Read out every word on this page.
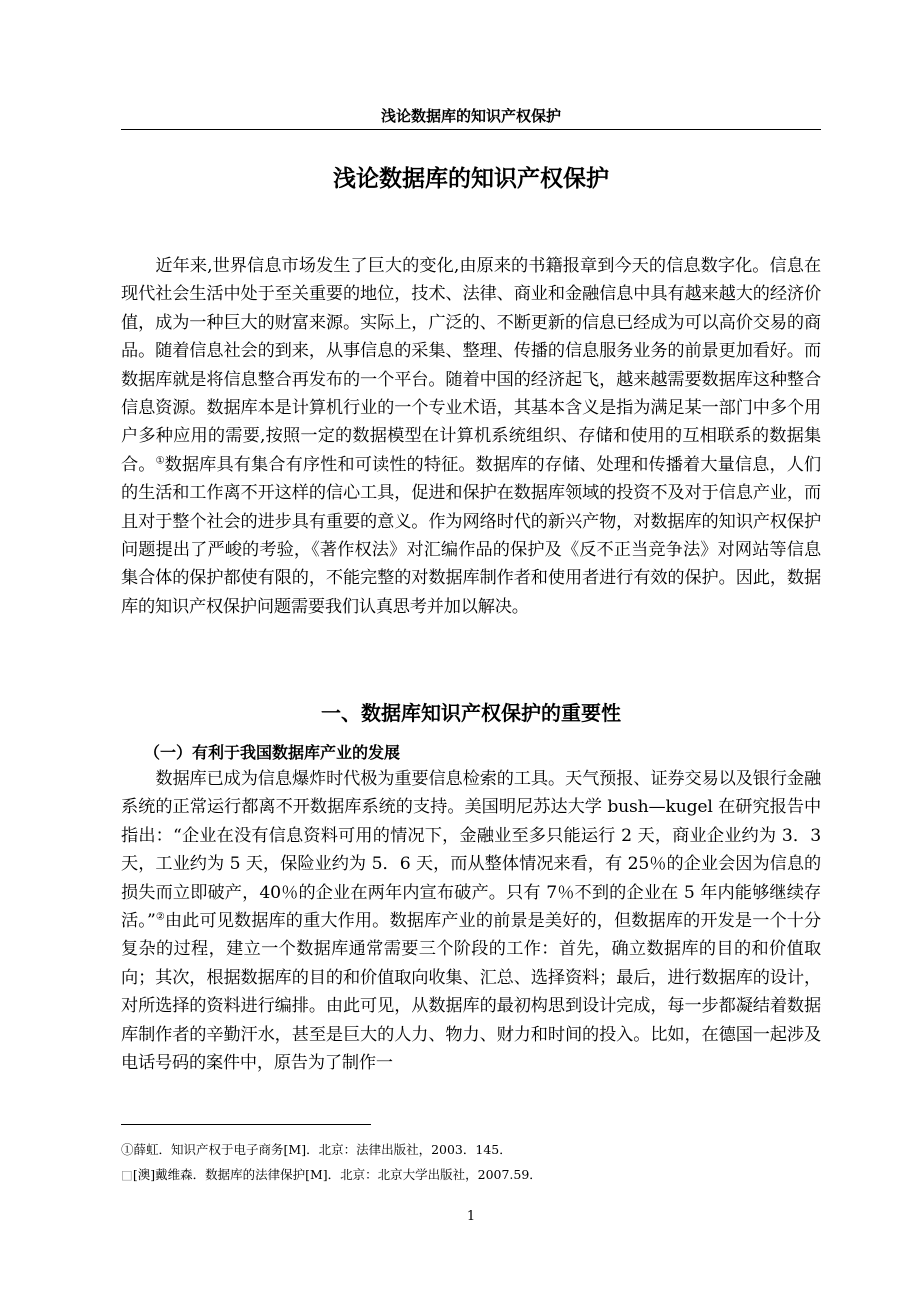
浅论数据库的知识产权保护
浅论数据库的知识产权保护

近年来,世界信息市场发生了巨大的变化,由原来的书籍报章到今天的信息数字化。信息在现代社会生活中处于至关重要的地位，技术、法律、商业和金融信息中具有越来越大的经济价值，成为一种巨大的财富来源。实际上，广泛的、不断更新的信息已经成为可以高价交易的商品。随着信息社会的到来，从事信息的采集、整理、传播的信息服务业务的前景更加看好。而数据库就是将信息整合再发布的一个平台。随着中国的经济起飞，越来越需要数据库这种整合信息资源。数据库本是计算机行业的一个专业术语，其基本含义是指为满足某一部门中多个用户多种应用的需要,按照一定的数据模型在计算机系统组织、存储和使用的互相联系的数据集合。①数据库具有集合有序性和可读性的特征。数据库的存储、处理和传播着大量信息，人们的生活和工作离不开这样的信心工具，促进和保护在数据库领域的投资不及对于信息产业，而且对于整个社会的进步具有重要的意义。作为网络时代的新兴产物，对数据库的知识产权保护问题提出了严峻的考验，《著作权法》对汇编作品的保护及《反不正当竞争法》对网站等信息集合体的保护都使有限的，不能完整的对数据库制作者和使用者进行有效的保护。因此，数据库的知识产权保护问题需要我们认真思考并加以解决。

一、数据库知识产权保护的重要性
（一）有利于我国数据库产业的发展

数据库已成为信息爆炸时代极为重要信息检索的工具。天气预报、证券交易以及银行金融系统的正常运行都离不开数据库系统的支持。美国明尼苏达大学 bush—kugel 在研究报告中指出：“企业在没有信息资料可用的情况下，金融业至多只能运行 2 天，商业企业约为 3．3 天，工业约为 5 天，保险业约为 5．6 天，而从整体情况来看，有 25％的企业会因为信息的损失而立即破产，40％的企业在两年内宣布破产。只有 7％不到的企业在 5 年内能够继续存活。”②由此可见数据库的重大作用。数据库产业的前景是美好的，但数据库的开发是一个十分复杂的过程，建立一个数据库通常需要三个阶段的工作：首先，确立数据库的目的和价值取向；其次，根据数据库的目的和价值取向收集、汇总、选择资料；最后，进行数据库的设计，对所选择的资料进行编排。由此可见，从数据库的最初构思到设计完成，每一步都凝结着数据库制作者的辛勤汗水，甚至是巨大的人力、物力、财力和时间的投入。比如，在德国一起涉及电话号码的案件中，原告为了制作一

①薛虹．知识产权于电子商务[M]．北京：法律出版社，2003．145．
□[澳]戴维森．数据库的法律保护[M]．北京：北京大学出版社，2007.59．
1
